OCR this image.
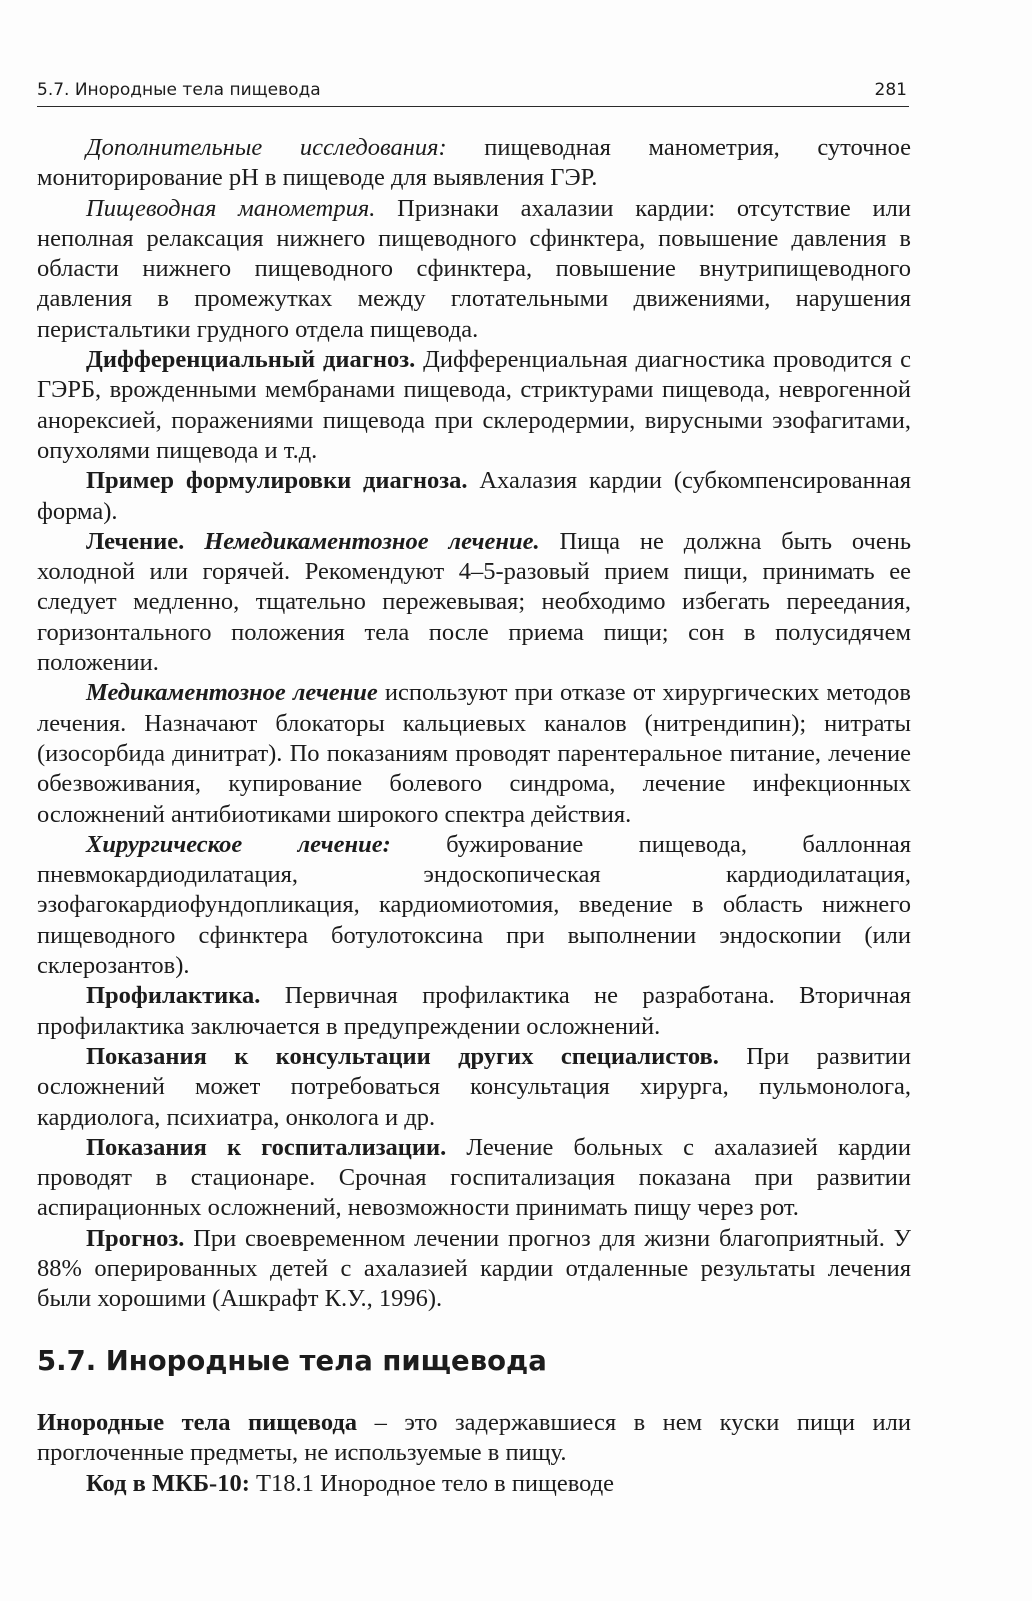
5.7. Инородные тела пищевода	281

Дополнительные исследования: пищеводная манометрия, суточное мониторирование pH в пищеводе для выявления ГЭР.

Пищеводная манометрия. Признаки ахалазии кардии: отсутствие или неполная релаксация нижнего пищеводного сфинктера, повышение давления в области нижнего пищеводного сфинктера, повышение внутрипищеводного давления в промежутках между глотательными движениями, нарушения перистальтики грудного отдела пищевода.

Дифференциальный диагноз. Дифференциальная диагностика проводится с ГЭРБ, врожденными мембранами пищевода, стриктурами пищевода, неврогенной анорексией, поражениями пищевода при склеродермии, вирусными эзофагитами, опухолями пищевода и т.д.

Пример формулировки диагноза. Ахалазия кардии (субкомпенсированная форма).

Лечение. Немедикаментозное лечение. Пища не должна быть очень холодной или горячей. Рекомендуют 4–5-разовый прием пищи, принимать ее следует медленно, тщательно пережевывая; необходимо избегать переедания, горизонтального положения тела после приема пищи; сон в полусидячем положении.

Медикаментозное лечение используют при отказе от хирургических методов лечения. Назначают блокаторы кальциевых каналов (нитрендипин); нитраты (изосорбида динитрат). По показаниям проводят парентеральное питание, лечение обезвоживания, купирование болевого синдрома, лечение инфекционных осложнений антибиотиками широкого спектра действия.

Хирургическое лечение: бужирование пищевода, баллонная пневмокардиодилатация, эндоскопическая кардиодилатация, эзофагокардиофундопликация, кардиомиотомия, введение в область нижнего пищеводного сфинктера ботулотоксина при выполнении эндоскопии (или склерозантов).

Профилактика. Первичная профилактика не разработана. Вторичная профилактика заключается в предупреждении осложнений.

Показания к консультации других специалистов. При развитии осложнений может потребоваться консультация хирурга, пульмонолога, кардиолога, психиатра, онколога и др.

Показания к госпитализации. Лечение больных с ахалазией кардии проводят в стационаре. Срочная госпитализация показана при развитии аспирационных осложнений, невозможности принимать пищу через рот.

Прогноз. При своевременном лечении прогноз для жизни благоприятный. У 88% оперированных детей с ахалазией кардии отдаленные результаты лечения были хорошими (Ашкрафт К.У., 1996).

5.7. Инородные тела пищевода

Инородные тела пищевода – это задержавшиеся в нем куски пищи или проглоченные предметы, не используемые в пищу.

Код в МКБ-10: Т18.1 Инородное тело в пищеводе
